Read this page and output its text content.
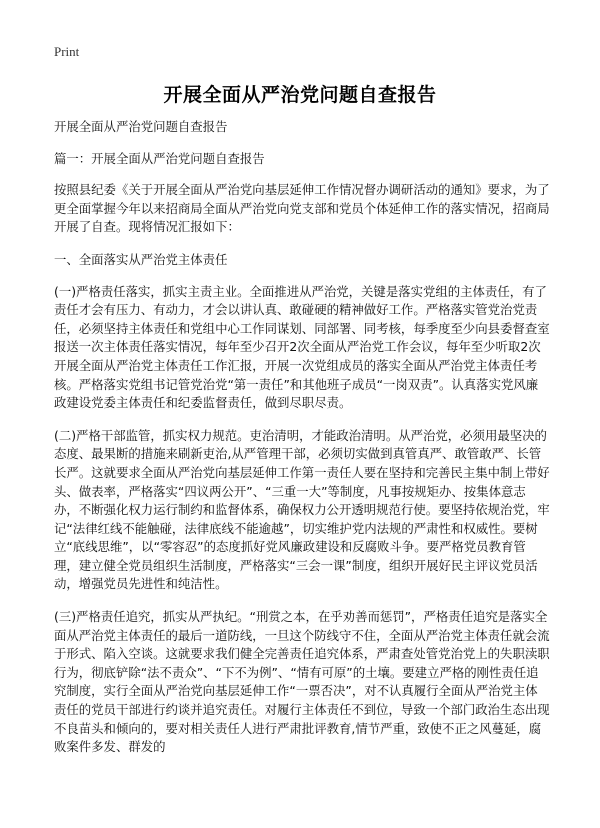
Print
开展全面从严治党问题自查报告

开展全面从严治党问题自查报告

篇一：开展全面从严治党问题自查报告

按照县纪委《关于开展全面从严治党向基层延伸工作情况督办调研活动的通知》要求，为了更全面掌握今年以来招商局全面从严治党向党支部和党员个体延伸工作的落实情况，招商局开展了自查。现将情况汇报如下：

一、全面落实从严治党主体责任

(一)严格责任落实，抓实主责主业。全面推进从严治党，关键是落实党组的主体责任，有了责任才会有压力、有动力，才会以讲认真、敢碰硬的精神做好工作。严格落实管党治党责任，必须坚持主体责任和党组中心工作同谋划、同部署、同考核，每季度至少向县委督查室报送一次主体责任落实情况，每年至少召开2次全面从严治党工作会议，每年至少听取2次开展全面从严治党主体责任工作汇报，开展一次党组成员的落实全面从严治党主体责任考核。严格落实党组书记管党治党“第一责任”和其他班子成员“一岗双责”。认真落实党风廉政建设党委主体责任和纪委监督责任，做到尽职尽责。

(二)严格干部监管，抓实权力规范。吏治清明，才能政治清明。从严治党，必须用最坚决的态度、最果断的措施来刷新吏治,从严管理干部，必须切实做到真管真严、敢管敢严、长管长严。这就要求全面从严治党向基层延伸工作第一责任人要在坚持和完善民主集中制上带好头、做表率，严格落实“四议两公开”、“三重一大”等制度，凡事按规矩办、按集体意志办，不断强化权力运行制约和监督体系，确保权力公开透明规范行使。要坚持依规治党，牢记“法律红线不能触碰，法律底线不能逾越”，切实维护党内法规的严肃性和权威性。要树立“底线思维”，以“零容忍”的态度抓好党风廉政建设和反腐败斗争。要严格党员教育管理，建立健全党员组织生活制度，严格落实“三会一课”制度，组织开展好民主评议党员活动，增强党员先进性和纯洁性。

(三)严格责任追究，抓实从严执纪。“刑赏之本，在乎劝善而惩罚”，严格责任追究是落实全面从严治党主体责任的最后一道防线，一旦这个防线守不住，全面从严治党主体责任就会流于形式、陷入空谈。这就要求我们健全完善责任追究体系，严肃查处管党治党上的失职渎职行为，彻底铲除“法不责众”、“下不为例”、“情有可原”的土壤。要建立严格的刚性责任追究制度，实行全面从严治党向基层延伸工作“一票否决”，对不认真履行全面从严治党主体责任的党员干部进行约谈并追究责任。对履行主体责任不到位，导致一个部门政治生态出现不良苗头和倾向的，要对相关责任人进行严肃批评教育,情节严重，致使不正之风蔓延，腐败案件多发、群发的
